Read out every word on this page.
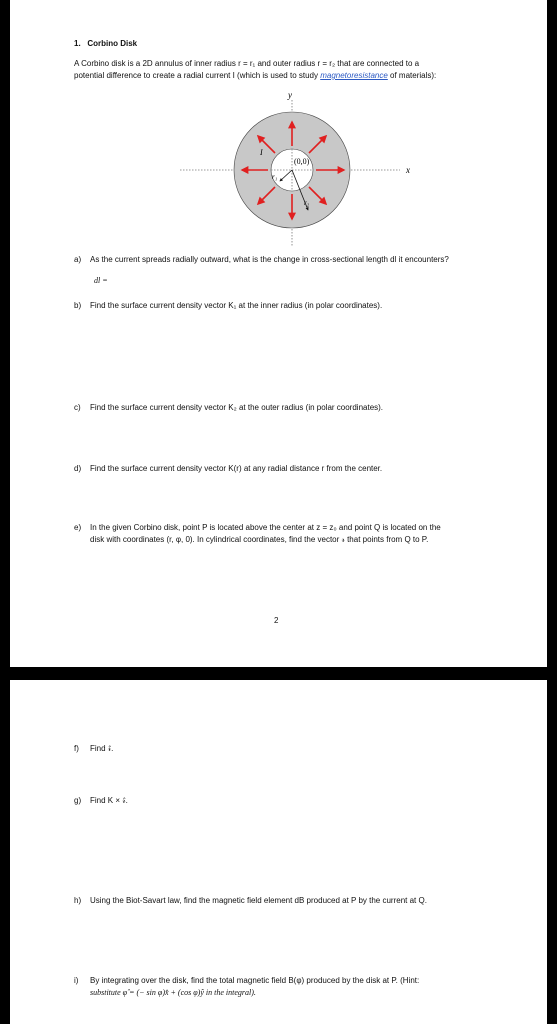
1. Corbino Disk
A Corbino disk is a 2D annulus of inner radius r = r₁ and outer radius r = r₂ that are connected to a
potential difference to create a radial current I (which is used to study magnetoresistance of materials):
y
x
(0,0)
I
r₁
r₂
a) As the current spreads radially outward, what is the change in cross-sectional length dl it encounters?
dl =
b) Find the surface current density vector K₁ at the inner radius (in polar coordinates).
c) Find the surface current density vector K₂ at the outer radius (in polar coordinates).
d) Find the surface current density vector K(r) at any radial distance r from the center.
e) In the given Corbino disk, point P is located above the center at z = z₀ and point Q is located on the
disk with coordinates (r, φ, 0). In cylindrical coordinates, find the vector 𝓇 that points from Q to P.
2
f) Find 𝓇̂.
g) Find K × 𝓇̂.
h) Using the Biot-Savart law, find the magnetic field element dB produced at P by the current at Q.
i) By integrating over the disk, find the total magnetic field B(φ) produced by the disk at P. (Hint:
substitute φ̂ = (− sin φ)x̂ + (cos φ)ŷ in the integral).
